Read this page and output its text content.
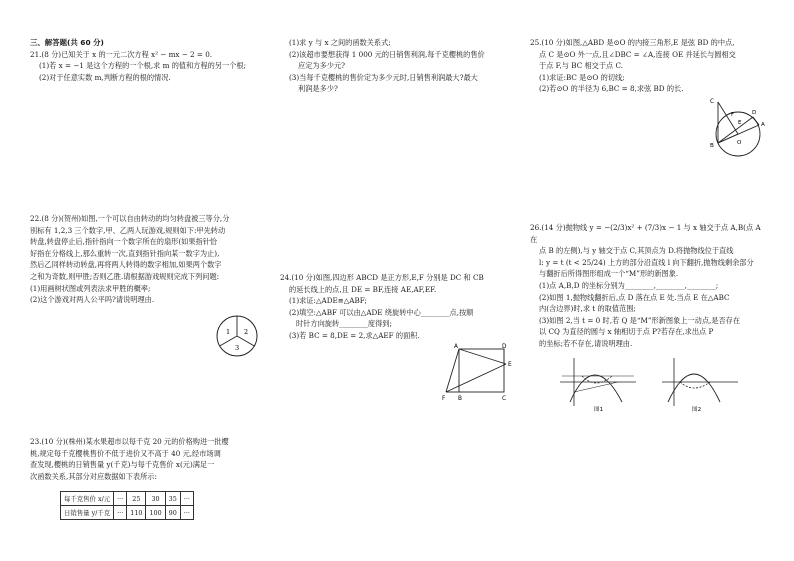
三、解答题(共 60 分)

21.(8 分)已知关于 x 的一元二次方程 x² − mx − 2 = 0.

(1)若 x = −1 是这个方程的一个根,求 m 的值和方程的另一个根;

(2)对于任意实数 m,判断方程的根的情况.

22.(8 分)(贺州)如图,一个可以自由转动的均匀转盘被三等分,分

别标有 1,2,3 三个数字,甲、乙两人玩游戏,规则如下:甲先转动

转盘,转盘停止后,指针指向一个数字所在的扇形(如果指针恰

好指在分格线上,那么重转一次,直到指针指向某一数字为止),

然后乙同样转动转盘,再将两人转得的数字相加,如果两个数字

之和为奇数,则甲胜;否则乙胜.请根据游戏规则完成下列问题:

(1)用画树状图或列表法求甲胜的概率;

(2)这个游戏对两人公平吗?请说明理由.

1 2
3

23.(10 分)(株州)某水果超市以每千克 20 元的价格购进一批樱

桃,规定每千克樱桃售价不低于进价又不高于 40 元,经市场调

查发现,樱桃的日销售量 y(千克)与每千克售价 x(元)满足一

次函数关系,其部分对应数据如下表所示:

每千克售价 x/元	···	25	30	35	···
日销售量 y/千克	···	110	100	90	···

(1)求 y 与 x 之间的函数关系式;

(2)该超市要想获得 1 000 元的日销售利润,每千克樱桃的售价

应定为多少元?

(3)当每千克樱桃的售价定为多少元时,日销售利润最大?最大

利润是多少?

24.(10 分)如图,四边形 ABCD 是正方形,E,F 分别是 DC 和 CB

的延长线上的点,且 DE = BF,连接 AE,AF,EF.

(1)求证:△ADE≌△ABF;

(2)填空:△ABF 可以由△ADE 绕旋转中心________点,按顺

时针方向旋转________度得到;

(3)若 BC = 8,DE = 2,求△AEF 的面积.

A	D
E
F B	C

25.(10 分)如图,△ABD 是⊙O 的内接三角形,E 是弦 BD 的中点,

点 C 是⊙O 外一点,且∠DBC = ∠A,连接 OE 并延长与圆相交

于点 F,与 BC 相交于点 C.

(1)求证:BC 是⊙O 的切线;

(2)若⊙O 的半径为 6,BC = 8,求弦 BD 的长.

C
F
E
D
A
B	O

26.(14 分)抛物线 y = −(2/3)x² + (7/3)x − 1 与 x 轴交于点 A,B(点 A 在

点 B 的左侧),与 y 轴交于点 C,其顶点为 D.将抛物线位于直线

l: y = t (t < 25/24) 上方的部分沿直线 l 向下翻折,抛物线剩余部分

与翻折后所得图形组成一个“M”形的新图象.

(1)点 A,B,D 的坐标分别为________,________,________;

(2)如图 1,抛物线翻折后,点 D 落在点 E 处.当点 E 在△ABC

内(含边界)时,求 t 的取值范围;

(3)如图 2,当 t = 0 时,若 Q 是“M”形新图象上一动点,是否存在

以 CQ 为直径的圆与 x 轴相切于点 P?若存在,求出点 P

的坐标;若不存在,请说明理由.

图1	图2
